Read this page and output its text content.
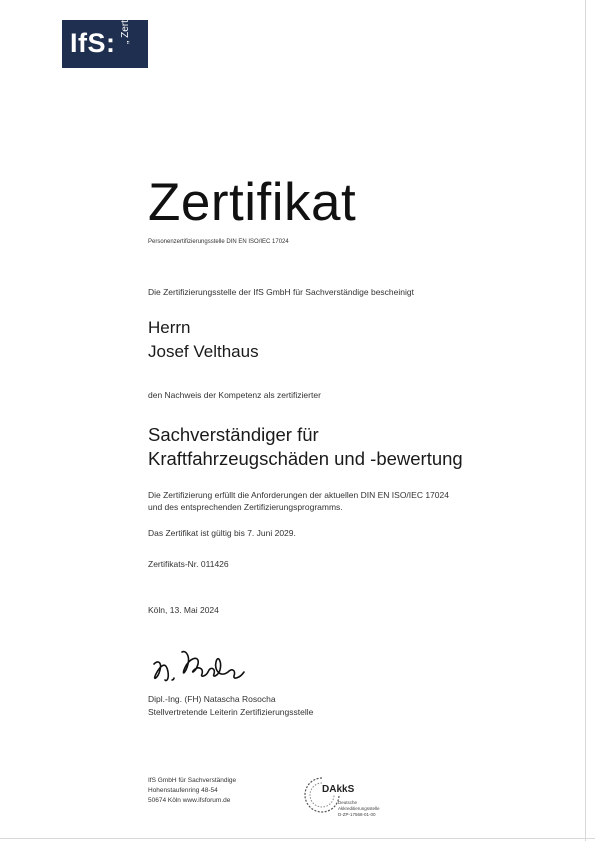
IfS: „ Zert
Zertifikat
Personenzertifizierungsstelle DIN EN ISO/IEC 17024
Die Zertifizierungsstelle der IfS GmbH für Sachverständige bescheinigt
Herrn
Josef Velthaus
den Nachweis der Kompetenz als zertifizierter
Sachverständiger für
Kraftfahrzeugschäden und -bewertung
Die Zertifizierung erfüllt die Anforderungen der aktuellen DIN EN ISO/IEC 17024
und des entsprechenden Zertifizierungsprogramms.
Das Zertifikat ist gültig bis 7. Juni 2029.
Zertifikats-Nr. 011426
Köln, 13. Mai 2024
Dipl.-Ing. (FH) Natascha Rosocha
Stellvertretende Leiterin Zertifizierungsstelle
IfS GmbH für Sachverständige
Hohenstaufenring 48-54
50674 Köln www.ifsforum.de
DAkkS
Deutsche
Akkreditierungsstelle
D-ZP-17568-01-00
